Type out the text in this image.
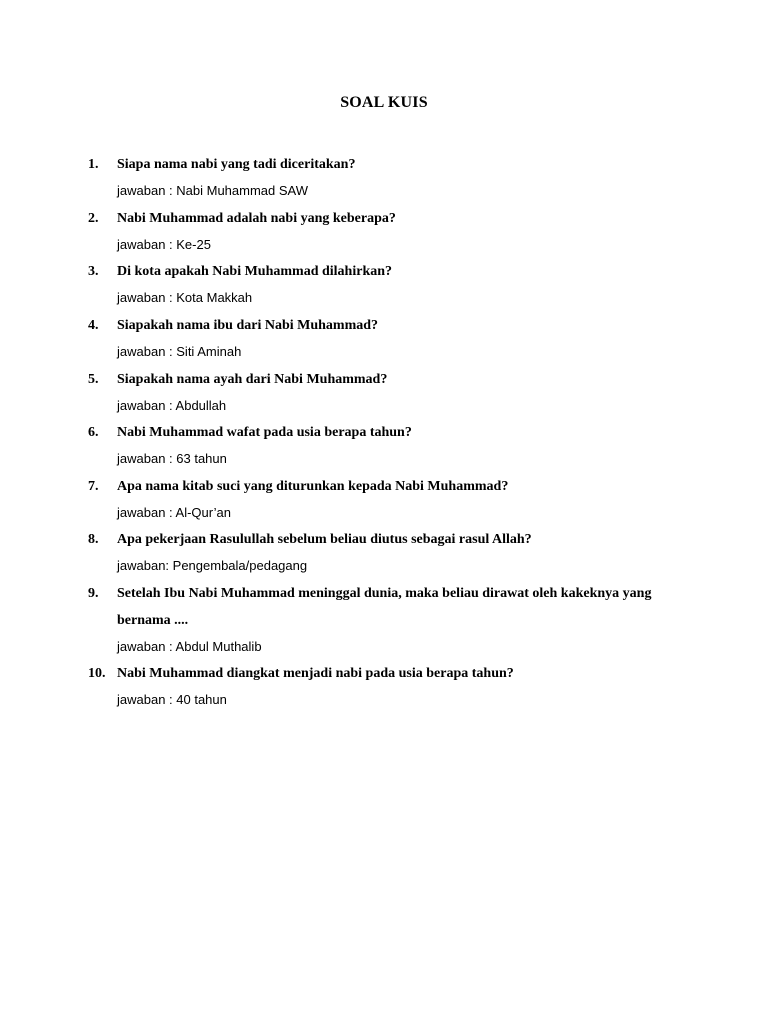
SOAL KUIS
1.	Siapa nama nabi yang tadi diceritakan?
jawaban : Nabi Muhammad SAW
2.	Nabi Muhammad adalah nabi yang keberapa?
jawaban : Ke-25
3.	Di kota apakah Nabi Muhammad dilahirkan?
jawaban : Kota Makkah
4.	Siapakah nama ibu dari Nabi Muhammad?
jawaban : Siti Aminah
5.	Siapakah nama ayah dari Nabi Muhammad?
jawaban : Abdullah
6.	Nabi Muhammad wafat pada usia berapa tahun?
jawaban : 63 tahun
7.	Apa nama kitab suci yang diturunkan kepada Nabi Muhammad?
jawaban : Al-Qur’an
8.	Apa pekerjaan Rasulullah sebelum beliau diutus sebagai rasul Allah?
jawaban: Pengembala/pedagang
9.	Setelah Ibu Nabi Muhammad meninggal dunia, maka beliau dirawat oleh kakeknya yang bernama ....
jawaban : Abdul Muthalib
10. Nabi Muhammad diangkat menjadi nabi pada usia berapa tahun?
jawaban : 40 tahun
